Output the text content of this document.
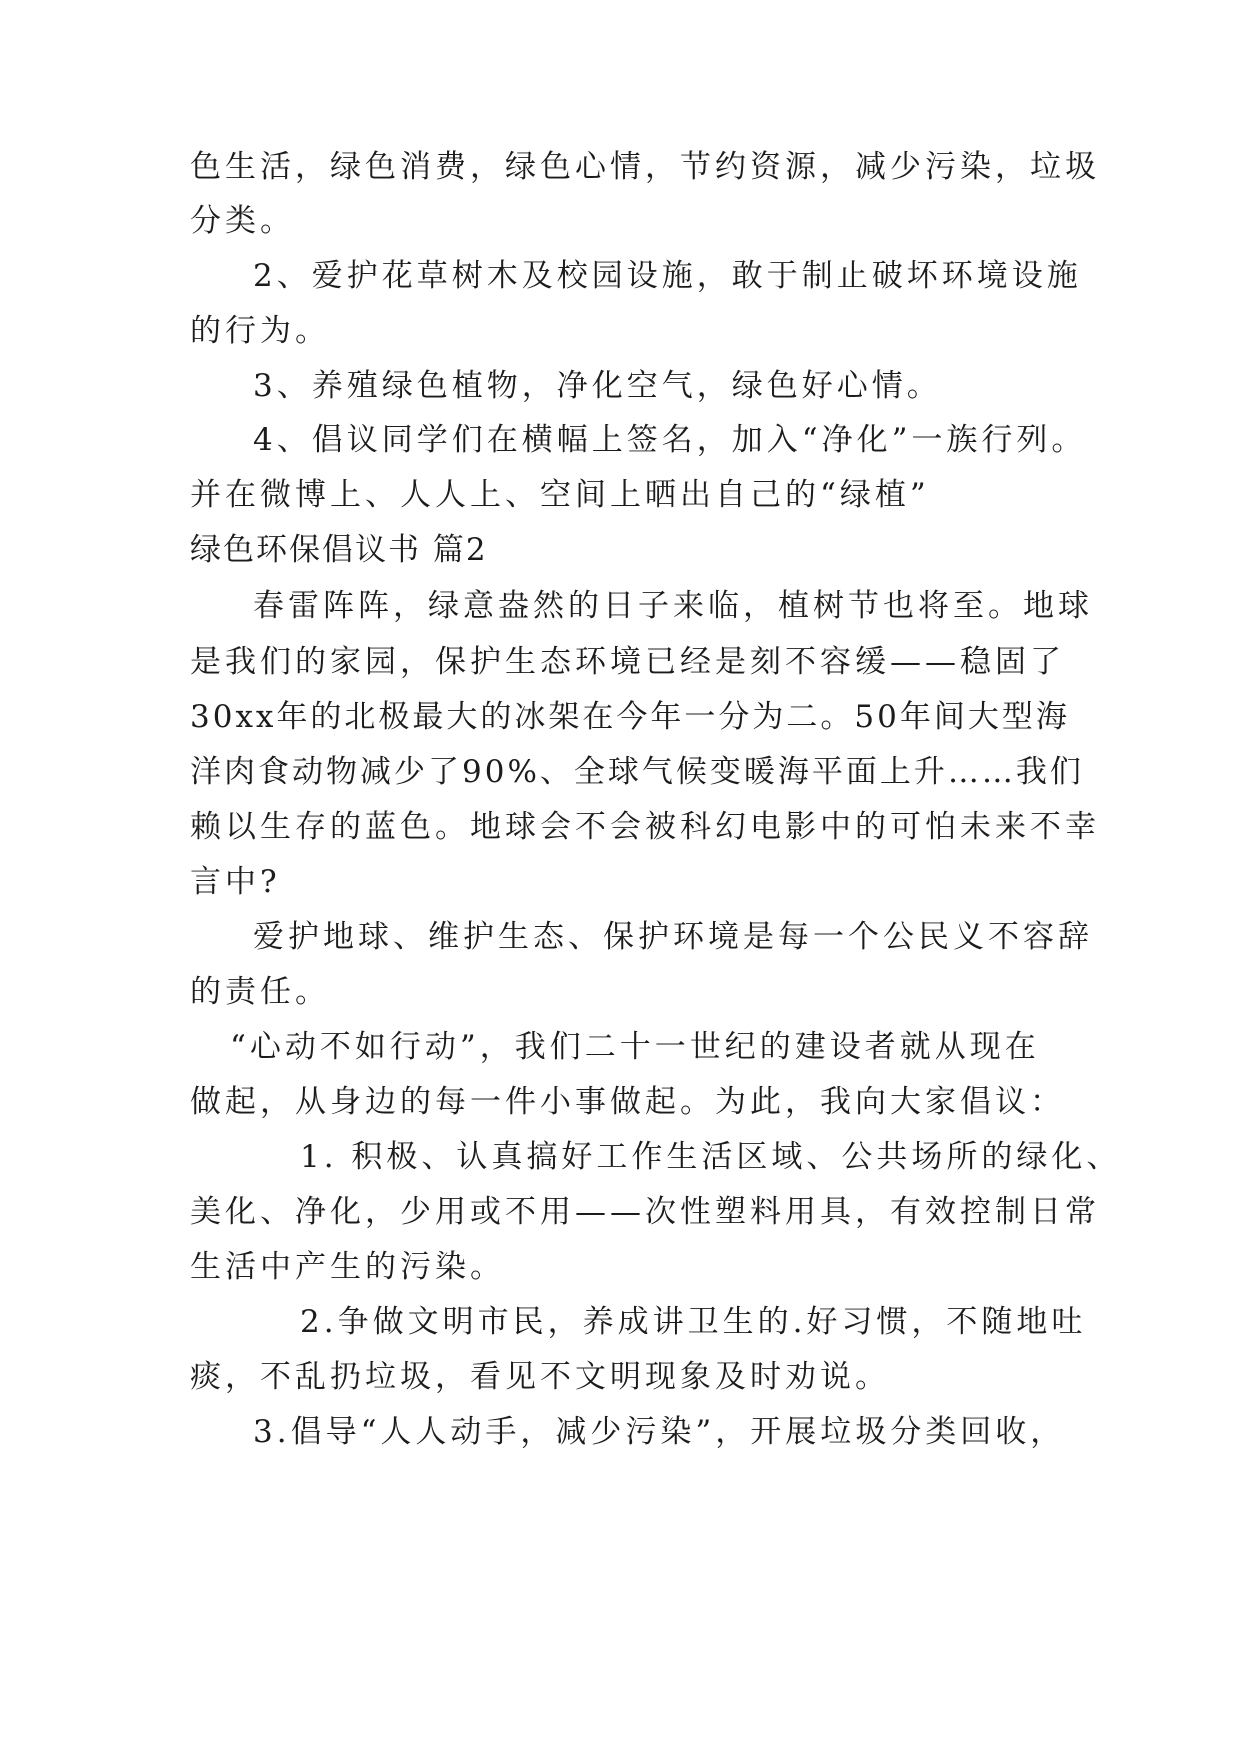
色生活，绿色消费，绿色心情，节约资源，减少污染，垃圾
分类。
2、爱护花草树木及校园设施，敢于制止破坏环境设施
的行为。
3、养殖绿色植物，净化空气，绿色好心情。
4、倡议同学们在横幅上签名，加入“净化”一族行列。
并在微博上、人人上、空间上晒出自己的“绿植”
绿色环保倡议书 篇2
春雷阵阵，绿意盎然的日子来临，植树节也将至。地球
是我们的家园，保护生态环境已经是刻不容缓——稳固了
30xx年的北极最大的冰架在今年一分为二。50年间大型海
洋肉食动物减少了90%、全球气候变暖海平面上升……我们
赖以生存的蓝色。地球会不会被科幻电影中的可怕未来不幸
言中?
爱护地球、维护生态、保护环境是每一个公民义不容辞
的责任。
“心动不如行动”，我们二十一世纪的建设者就从现在
做起，从身边的每一件小事做起。为此，我向大家倡议：
1. 积极、认真搞好工作生活区域、公共场所的绿化、
美化、净化，少用或不用——次性塑料用具，有效控制日常
生活中产生的污染。
2.争做文明市民，养成讲卫生的.好习惯，不随地吐
痰，不乱扔垃圾，看见不文明现象及时劝说。
3.倡导“人人动手，减少污染”，开展垃圾分类回收，
